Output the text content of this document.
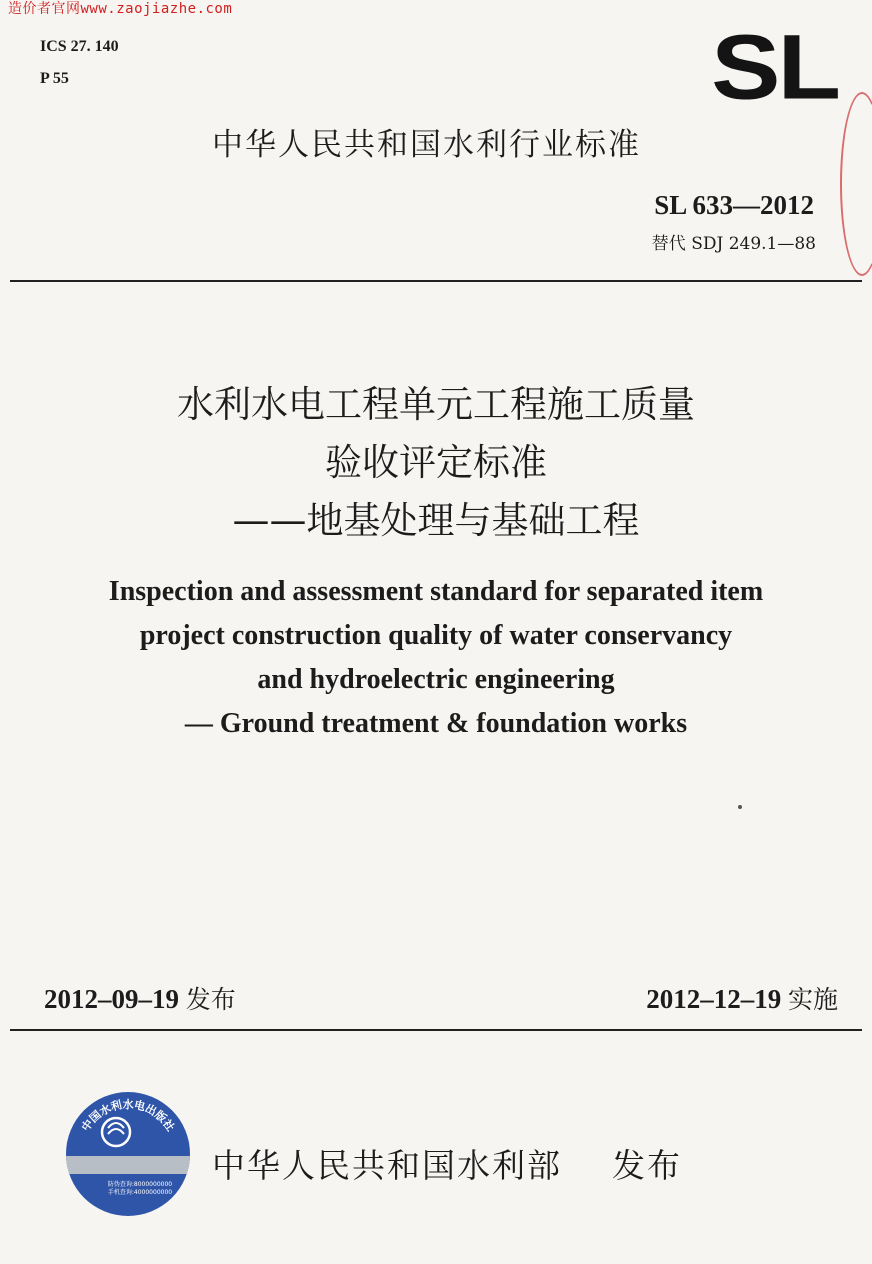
造价者官网www.zaojiazhe.com
ICS 27. 140
P 55	SL
中华人民共和国水利行业标准
SL 633—2012
替代 SDJ 249.1—88
水利水电工程单元工程施工质量
验收评定标准
——地基处理与基础工程
Inspection and assessment standard for separated item
project construction quality of water conservancy
and hydroelectric engineering
— Ground treatment & foundation works
2012–09–19 发布	2012–12–19 实施
中国水利水电出版社
防伪查询:8000000000
手机查询:4000000000
中华人民共和国水利部 发布
